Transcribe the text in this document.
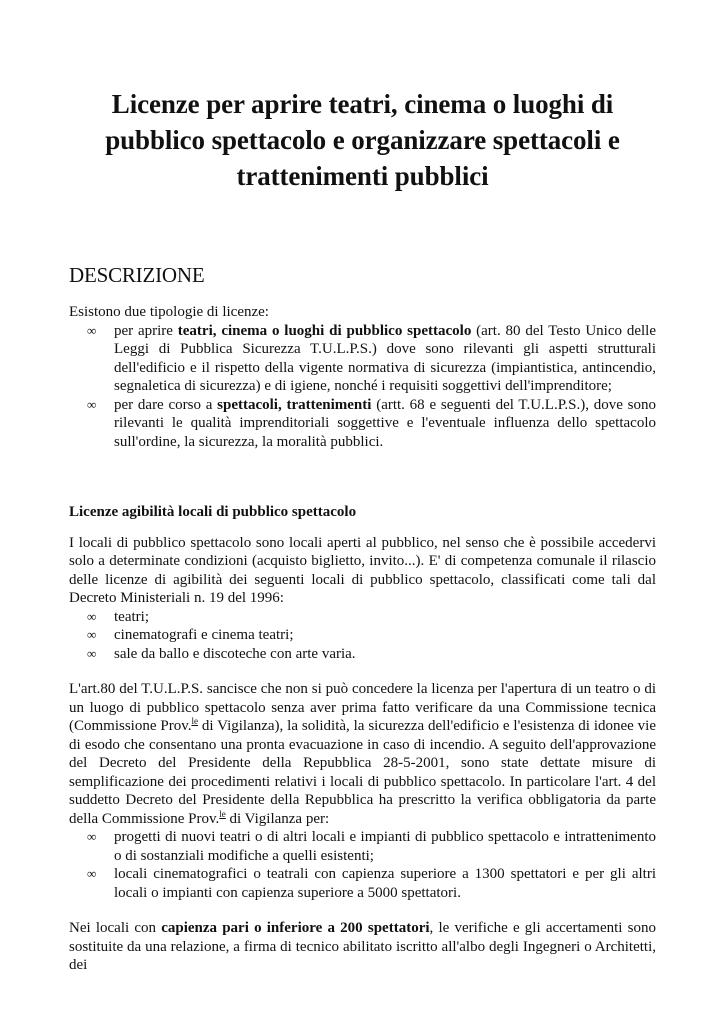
Licenze per aprire teatri, cinema o luoghi di pubblico spettacolo e organizzare spettacoli e trattenimenti pubblici
DESCRIZIONE

Esistono due tipologie di licenze:

∞ per aprire teatri, cinema o luoghi di pubblico spettacolo (art. 80 del Testo Unico delle Leggi di Pubblica Sicurezza T.U.L.P.S.) dove sono rilevanti gli aspetti strutturali dell'edificio e il rispetto della vigente normativa di sicurezza (impiantistica, antincendio, segnaletica di sicurezza) e di igiene, nonché i requisiti soggettivi dell'imprenditore;
∞ per dare corso a spettacoli, trattenimenti (artt. 68 e seguenti del T.U.L.P.S.), dove sono rilevanti le qualità imprenditoriali soggettive e l'eventuale influenza dello spettacolo sull'ordine, la sicurezza, la moralità pubblici.
Licenze agibilità locali di pubblico spettacolo

I locali di pubblico spettacolo sono locali aperti al pubblico, nel senso che è possibile accedervi solo a determinate condizioni (acquisto biglietto, invito...). E' di competenza comunale il rilascio delle licenze di agibilità dei seguenti locali di pubblico spettacolo, classificati come tali dal Decreto Ministeriali n. 19 del 1996:

∞ teatri;
∞ cinematografi e cinema teatri;
∞ sale da ballo e discoteche con arte varia.

L'art.80 del T.U.L.P.S. sancisce che non si può concedere la licenza per l'apertura di un teatro o di un luogo di pubblico spettacolo senza aver prima fatto verificare da una Commissione tecnica (Commissione Prov.$^{le}$ di Vigilanza), la solidità, la sicurezza dell'edificio e l'esistenza di idonee vie di esodo che consentano una pronta evacuazione in caso di incendio. A seguito dell'approvazione del Decreto del Presidente della Repubblica 28-5-2001, sono state dettate misure di semplificazione dei procedimenti relativi i locali di pubblico spettacolo. In particolare l'art. 4 del suddetto Decreto del Presidente della Repubblica ha prescritto la verifica obbligatoria da parte della Commissione Prov.$^{le}$ di Vigilanza per:

∞ progetti di nuovi teatri o di altri locali e impianti di pubblico spettacolo e intrattenimento o di sostanziali modifiche a quelli esistenti;
∞ locali cinematografici o teatrali con capienza superiore a 1300 spettatori e per gli altri locali o impianti con capienza superiore a 5000 spettatori.

Nei locali con capienza pari o inferiore a 200 spettatori, le verifiche e gli accertamenti sono sostituite da una relazione, a firma di tecnico abilitato iscritto all'albo degli Ingegneri o Architetti, dei
